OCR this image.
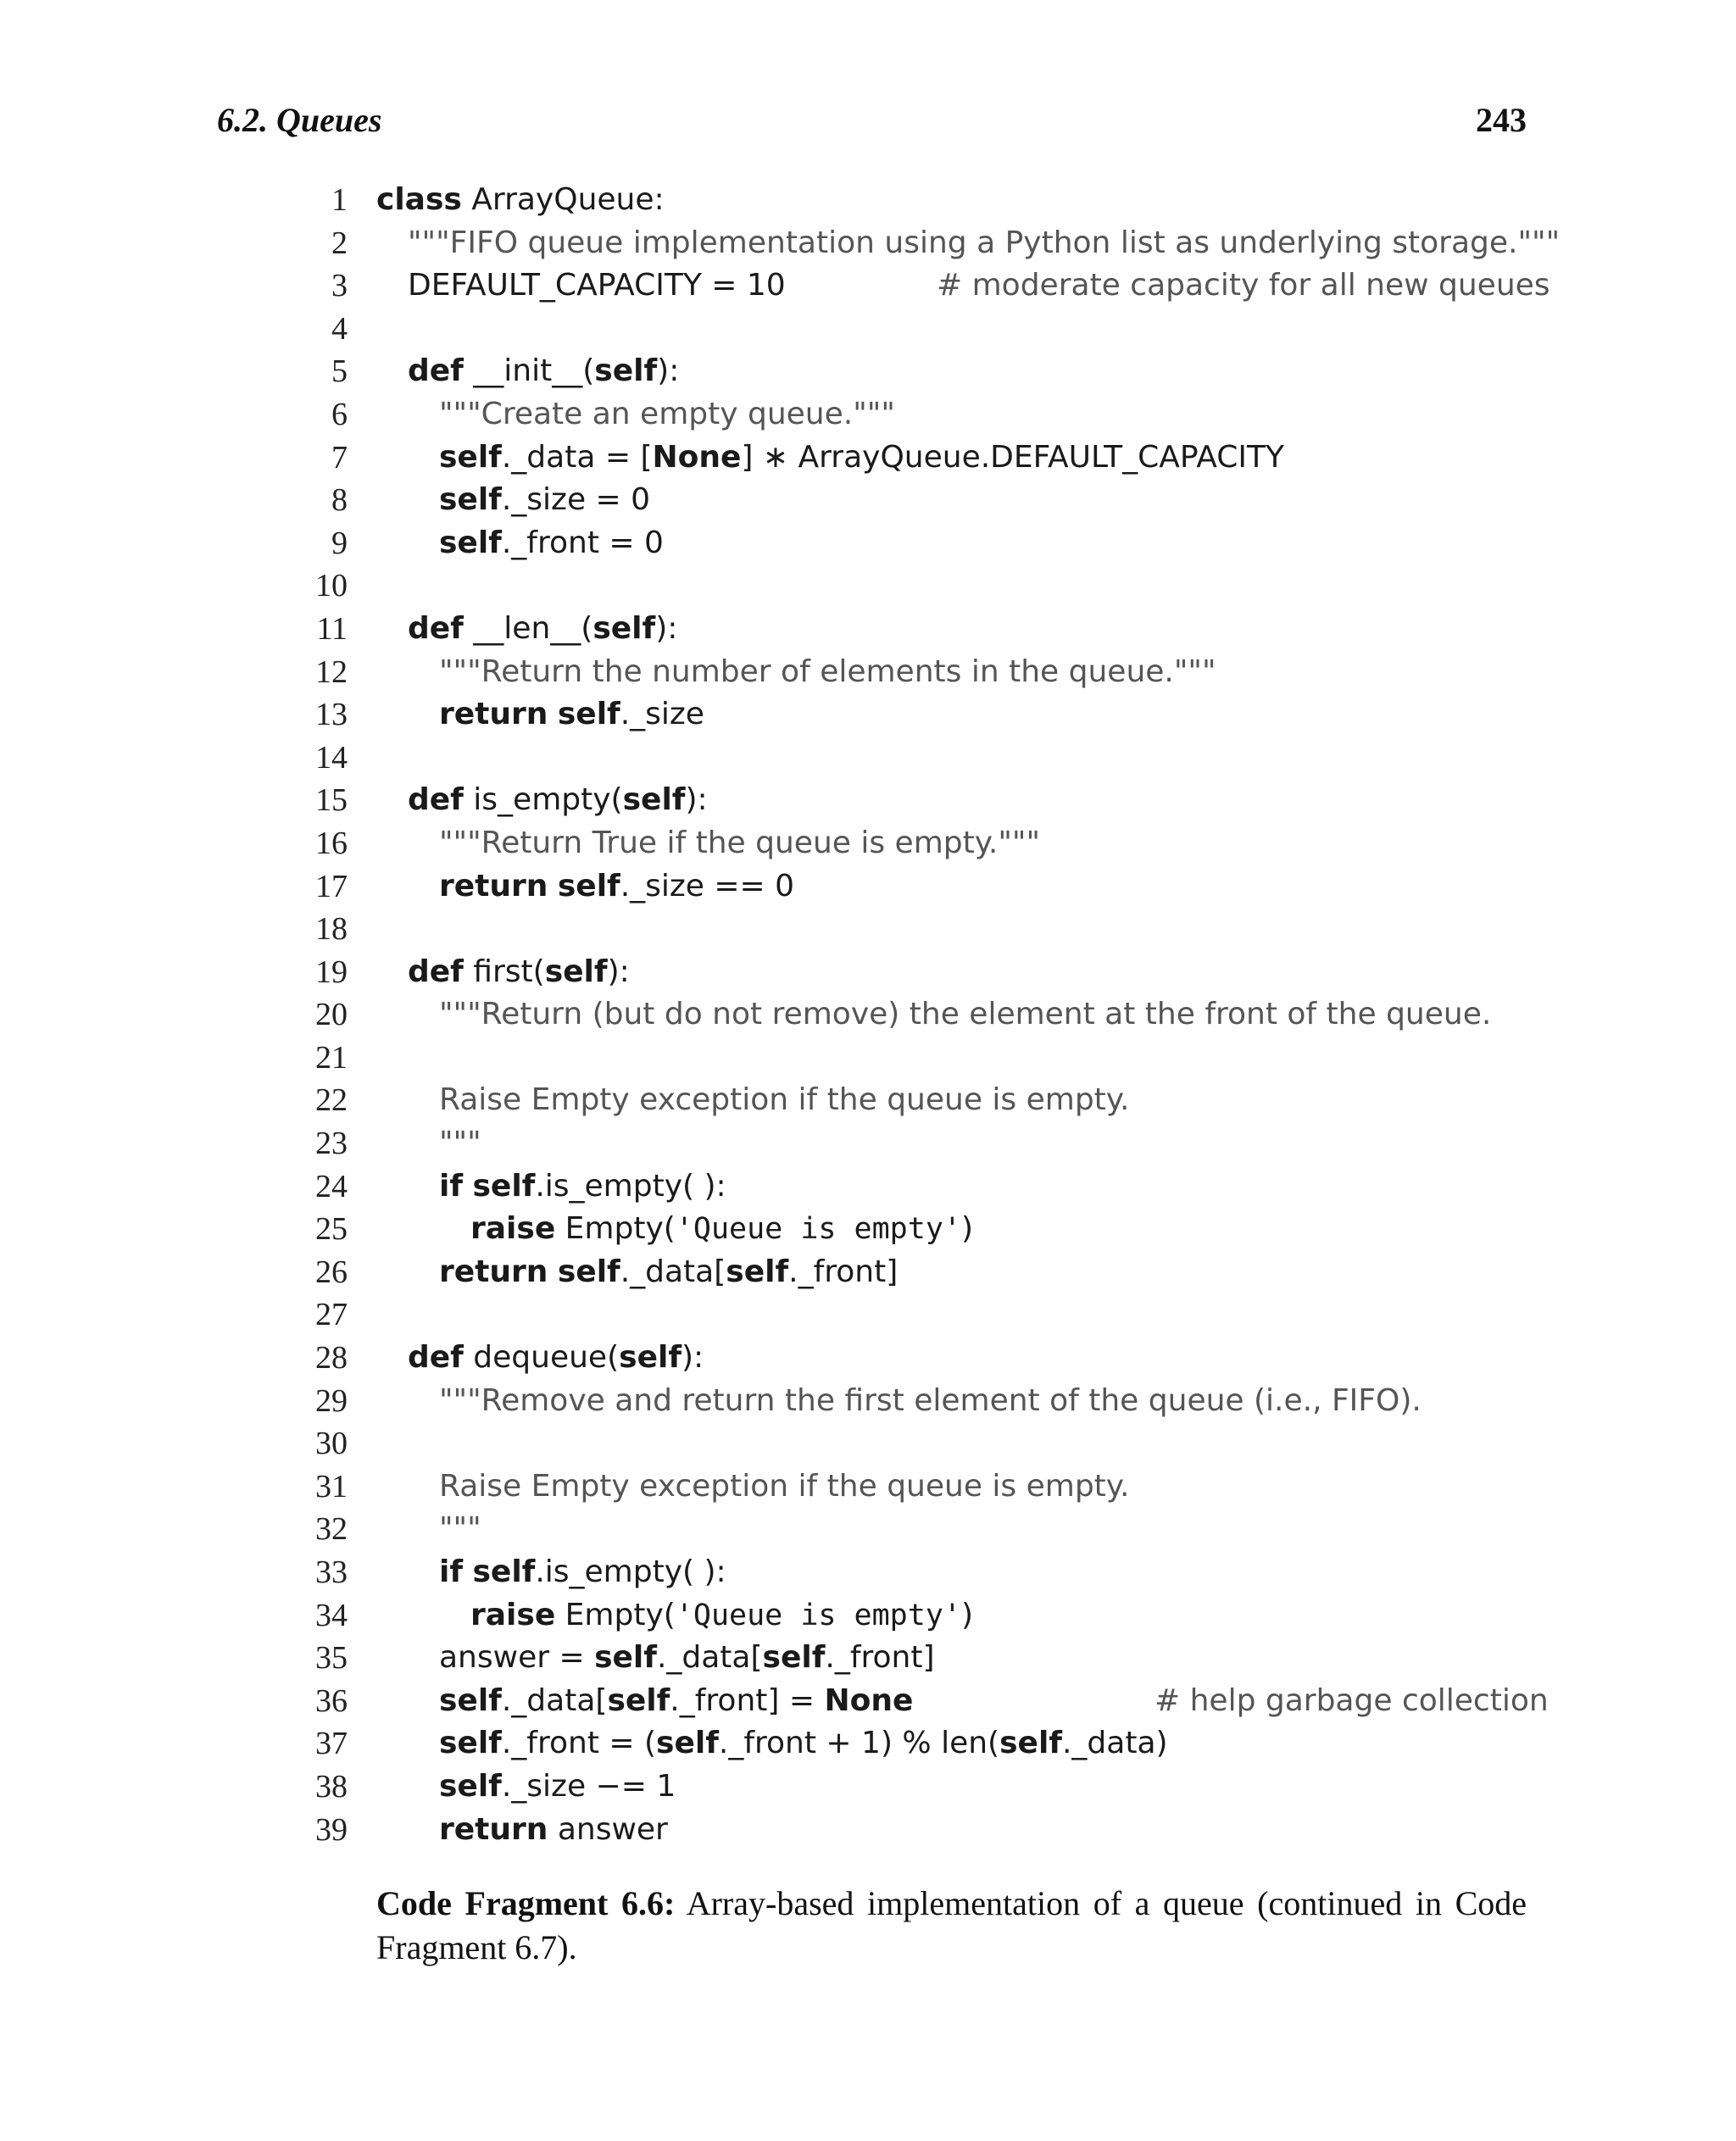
6.2. Queues	243
1 class ArrayQueue:
2 """FIFO queue implementation using a Python list as underlying storage."""
3 DEFAULT_CAPACITY = 10	# moderate capacity for all new queues
4
5 def __init__(self):
6	"""Create an empty queue."""
7	self._data = [None] ∗ ArrayQueue.DEFAULT_CAPACITY
8	self._size = 0
9	self._front = 0
10
11 def __len__(self):
12	"""Return the number of elements in the queue."""
13	return self._size
14
15 def is_empty(self):
16	"""Return True if the queue is empty."""
17	return self._size == 0
18
19 def first(self):
20	"""Return (but do not remove) the element at the front of the queue.
21
22	Raise Empty exception if the queue is empty.
23	"""
24	if self.is_empty( ):
25	raise Empty('Queue is empty')
26	return self._data[self._front]
27
28 def dequeue(self):
29	"""Remove and return the first element of the queue (i.e., FIFO).
30
31	Raise Empty exception if the queue is empty.
32	"""
33	if self.is_empty( ):
34	raise Empty('Queue is empty')
35	answer = self._data[self._front]
36	self._data[self._front] = None	# help garbage collection
37	self._front = (self._front + 1) % len(self._data)
38	self._size −= 1
39	return answer
Code Fragment 6.6: Array-based implementation of a queue (continued in Code Fragment 6.7).
